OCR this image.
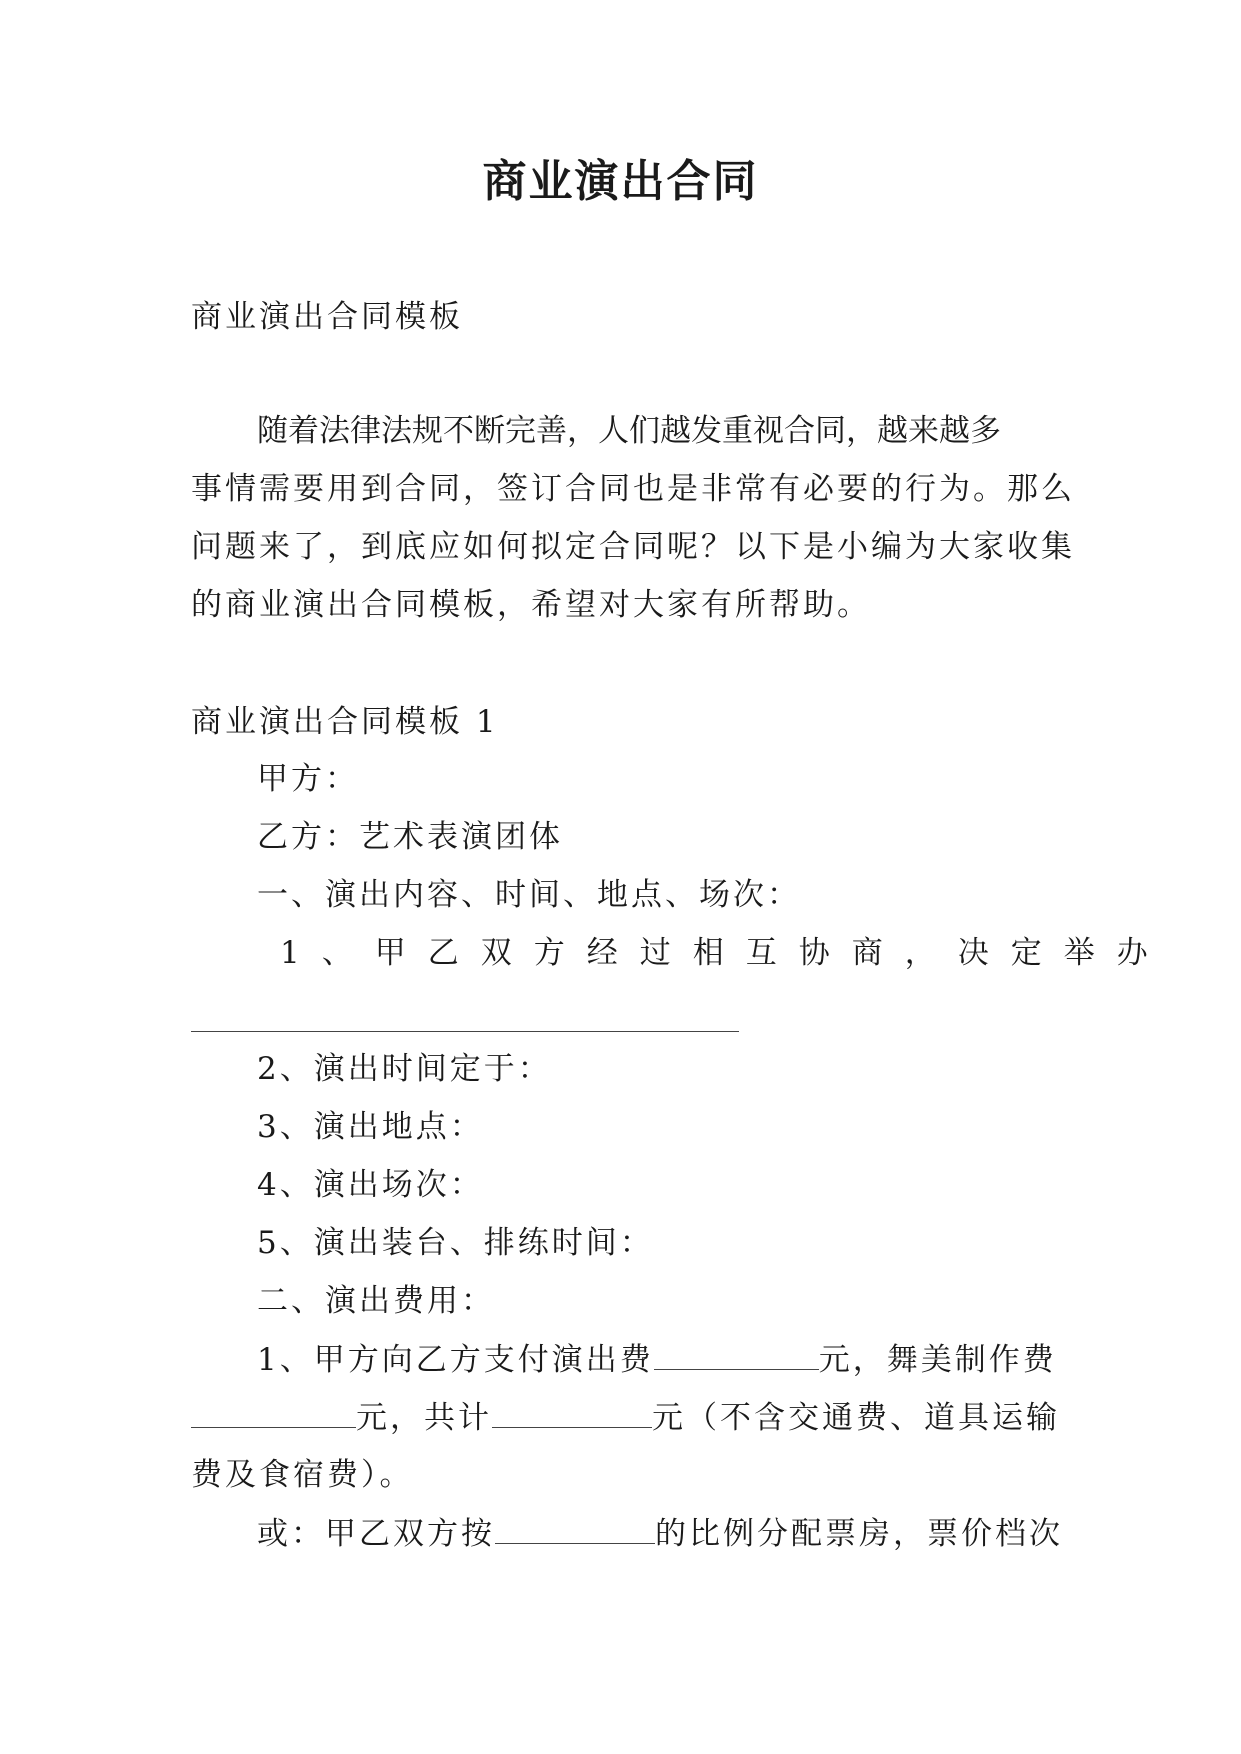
商业演出合同
商业演出合同模板
随着法律法规不断完善，人们越发重视合同，越来越多
事情需要用到合同，签订合同也是非常有必要的行为。那么
问题来了，到底应如何拟定合同呢？以下是小编为大家收集
的商业演出合同模板，希望对大家有所帮助。
商业演出合同模板 1
甲方：
乙方：艺术表演团体
一、演出内容、时间、地点、场次：
1、甲乙双方经过相互协商，决定举办
2、演出时间定于：
3、演出地点：
4、演出场次：
5、演出装台、排练时间：
二、演出费用：
1、甲方向乙方支付演出费	元，舞美制作费
元，共计	元（不含交通费、道具运输
费及食宿费）。
或：甲乙双方按	的比例分配票房，票价档次
